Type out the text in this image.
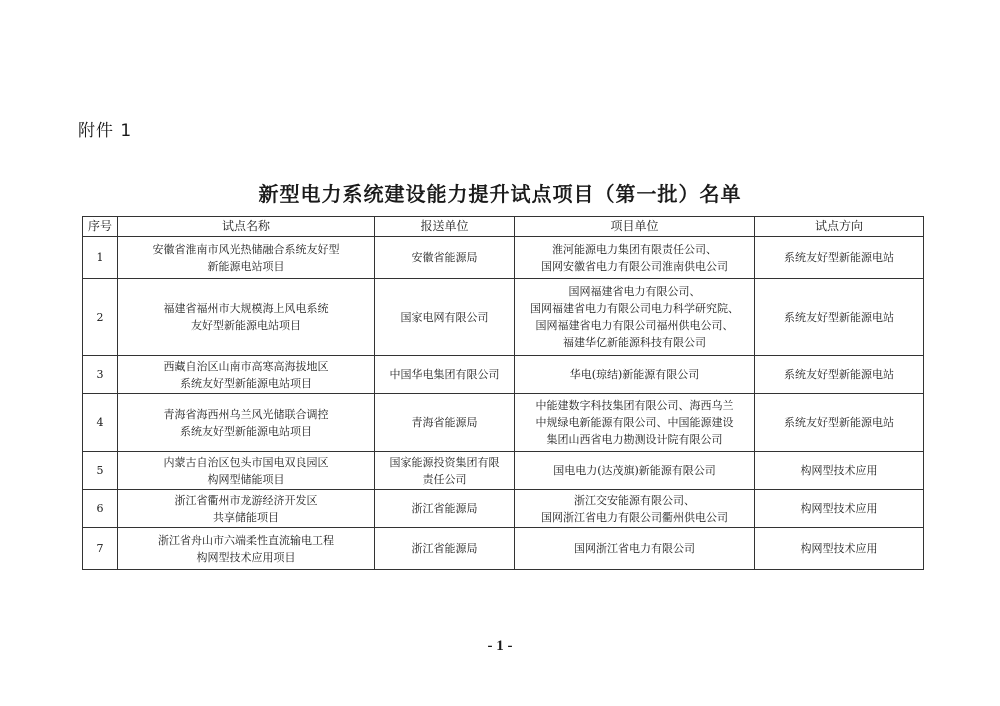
附件 1
新型电力系统建设能力提升试点项目（第一批）名单
序号	试点名称	报送单位	项目单位	试点方向
1	安徽省淮南市风光热储融合系统友好型
新能源电站项目	安徽省能源局	淮河能源电力集团有限责任公司、
国网安徽省电力有限公司淮南供电公司	系统友好型新能源电站
2	福建省福州市大规模海上风电系统
友好型新能源电站项目	国家电网有限公司	国网福建省电力有限公司、
国网福建省电力有限公司电力科学研究院、
国网福建省电力有限公司福州供电公司、
福建华亿新能源科技有限公司	系统友好型新能源电站
3	西藏自治区山南市高寒高海拔地区
系统友好型新能源电站项目	中国华电集团有限公司	华电(琼结)新能源有限公司	系统友好型新能源电站
4	青海省海西州乌兰风光储联合调控
系统友好型新能源电站项目	青海省能源局	中能建数字科技集团有限公司、海西乌兰
中规绿电新能源有限公司、中国能源建设
集团山西省电力勘测设计院有限公司	系统友好型新能源电站
5	内蒙古自治区包头市国电双良园区
构网型储能项目	国家能源投资集团有限
责任公司	国电电力(达茂旗)新能源有限公司	构网型技术应用
6	浙江省衢州市龙游经济开发区
共享储能项目	浙江省能源局	浙江交安能源有限公司、
国网浙江省电力有限公司衢州供电公司	构网型技术应用
7	浙江省舟山市六端柔性直流输电工程
构网型技术应用项目	浙江省能源局	国网浙江省电力有限公司	构网型技术应用
- 1 -
